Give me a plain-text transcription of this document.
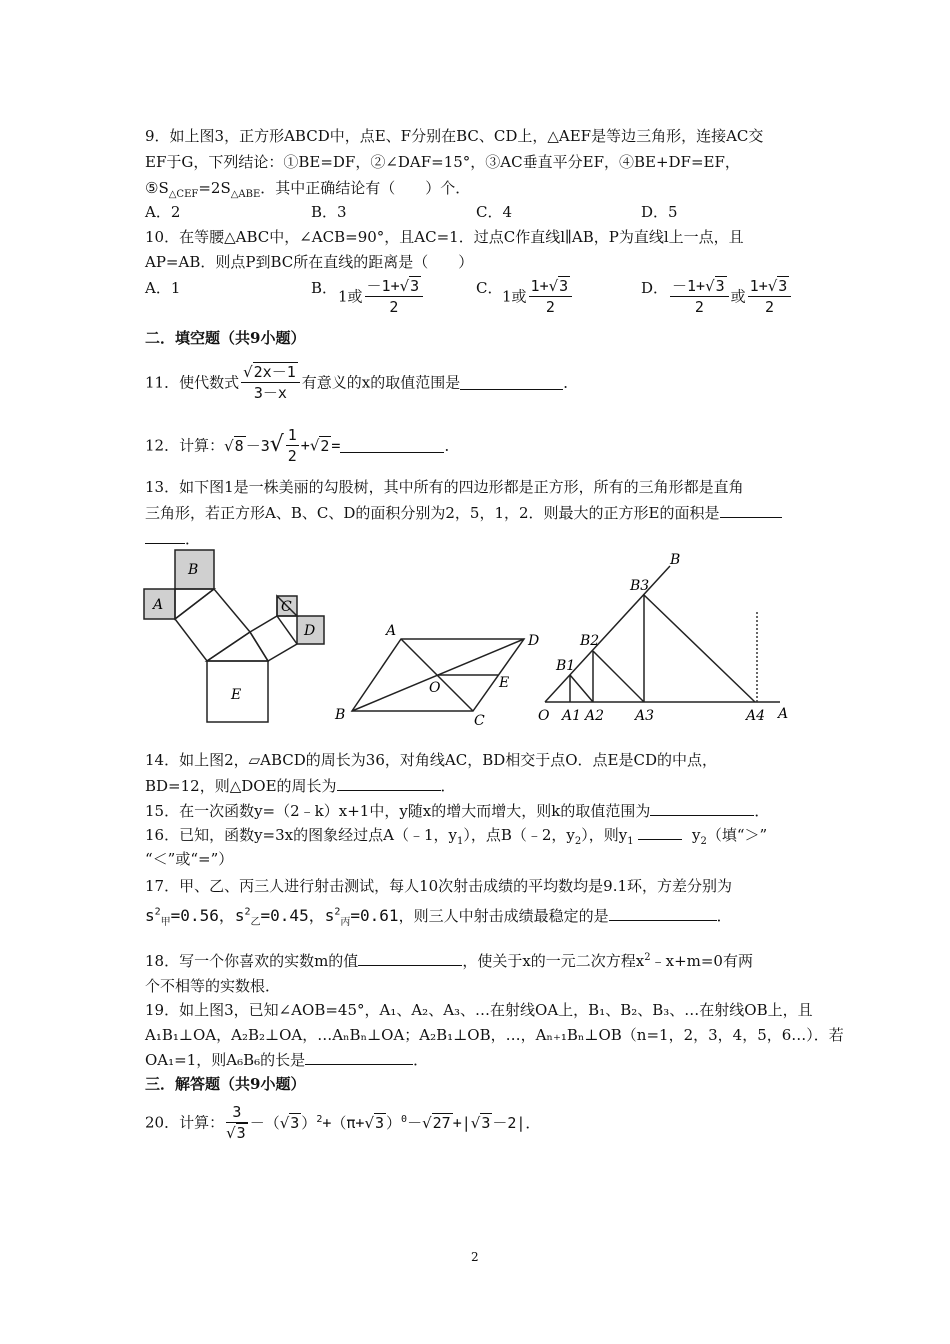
9．如上图3，正方形ABCD中，点E、F分别在BC、CD上，△AEF是等边三角形，连接AC交
EF于G，下列结论：①BE=DF，②∠DAF=15°，③AC垂直平分EF，④BE+DF=EF，
$⑤S_{\triangle CEF}=2S_{\triangle ABE}$．其中正确结论有（　　）个．
A．2	B．3	C．4	D．5
10．在等腰△ABC中，∠ACB=90°，且AC=1．过点C作直线l∥AB，P为直线l上一点，且
AP=AB．则点P到BC所在直线的距离是（　　）
A．1	B． 1或 $\frac{-1+√3}{2}$	C． 1或 $\frac{1+√3}{2}$	D． $\frac{-1+√3}{2}$ 或 $\frac{1+√3}{2}$
二．填空题（共9小题）
11．使代数式 $\frac{√2x-1}{3-x}$ 有意义的x的取值范围是	．
12．计算：$√8 -3√ \frac{1}{2} +√2$ =	．
13．如下图1是一株美丽的勾股树，其中所有的四边形都是正方形，所有的三角形都是直角
三角形，若正方形A、B、C、D的面积分别为2，5，1，2．则最大的正方形E的面积是
．
B
A	C
D
E
A
D
O	E
B	C
B
B3
B2
B1
O A1 A2 A3	A4 A
14．如上图2，▱ABCD的周长为36，对角线AC，BD相交于点O．点E是CD的中点，
BD=12，则△DOE的周长为	．
15．在一次函数y=（2﹣k）x+1中，y随x的增大而增大，则k的取值范围为	．
16．已知，函数y=3x的图象经过点A（﹣1，$y_1$），点B（﹣2，$y_2$），则$y_1$	$y_2$（填“＞”
“＜”或“=”）
17．甲、乙、丙三人进行射击测试，每人10次射击成绩的平均数均是9.1环，方差分别为
$s^2_甲=0.56$，$s^2_乙=0.45$，$s^2_丙=0.61$，则三人中射击成绩最稳定的是	．
18．写一个你喜欢的实数m的值	，使关于x的一元二次方程$x^2﹣x+m=0$有两
个不相等的实数根．
19．如上图3，已知∠AOB=45°，A₁、A₂、A₃、…在射线OA上，B₁、B₂、B₃、…在射线OB上，且
A₁B₁⊥OA，A₂B₂⊥OA，…AₙBₙ⊥OA；A₂B₁⊥OB，…，Aₙ₊₁Bₙ⊥OB（n=1，2，3，4，5，6…）．若
OA₁=1，则A₆B₆的长是	．
三．解答题（共9小题）
20．计算： $\frac{3}{√3} -(√3$ ）$^2$+（π+√3 ）$^0$－√27 +|√3 －2|．
2
